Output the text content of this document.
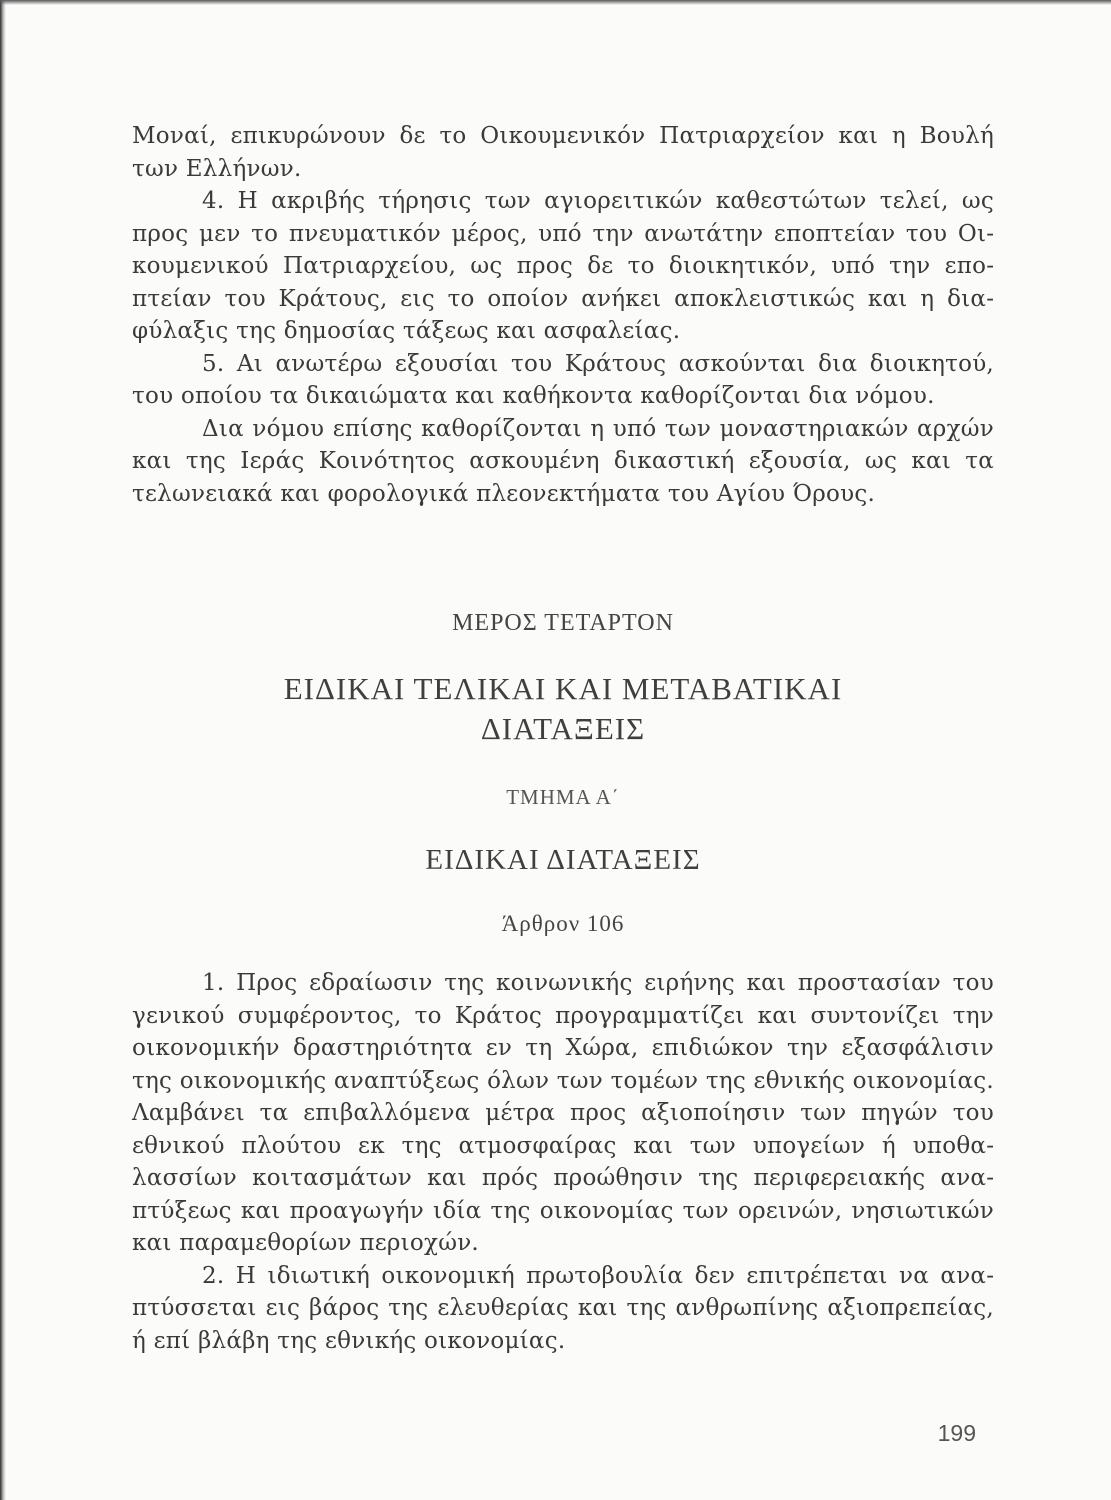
Μοναί, επικυρώνουν δε το Οικουμενικόν Πατριαρχείον και η Βουλή των Ελλήνων.

4. Η ακριβής τήρησις των αγιορειτικών καθεστώτων τελεί, ως προς μεν το πνευματικόν μέρος, υπό την ανωτάτην εποπτείαν του Οικουμενικού Πατριαρχείου, ως προς δε το διοικητικόν, υπό την εποπτείαν του Κράτους, εις το οποίον ανήκει αποκλειστικώς και η διαφύλαξις της δημοσίας τάξεως και ασφαλείας.

5. Αι ανωτέρω εξουσίαι του Κράτους ασκούνται δια διοικητού, του οποίου τα δικαιώματα και καθήκοντα καθορίζονται δια νόμου.

Δια νόμου επίσης καθορίζονται η υπό των μοναστηριακών αρχών και της Ιεράς Κοινότητος ασκουμένη δικαστική εξουσία, ως και τα τελωνειακά και φορολογικά πλεονεκτήματα του Αγίου Όρους.

ΜΕΡΟΣ ΤΕΤΑΡΤΟΝ
ΕΙΔΙΚΑΙ ΤΕΛΙΚΑΙ ΚΑΙ ΜΕΤΑΒΑΤΙΚΑΙ
ΔΙΑΤΑΞΕΙΣ
ΤΜΗΜΑ Α΄
ΕΙΔΙΚΑΙ ΔΙΑΤΑΞΕΙΣ
Άρθρον 106

1. Προς εδραίωσιν της κοινωνικής ειρήνης και προστασίαν του γενικού συμφέροντος, το Κράτος προγραμματίζει και συντονίζει την οικονομικήν δραστηριότητα εν τη Χώρα, επιδιώκον την εξασφάλισιν της οικονομικής αναπτύξεως όλων των τομέων της εθνικής οικονομίας. Λαμβάνει τα επιβαλλόμενα μέτρα προς αξιοποίησιν των πηγών του εθνικού πλούτου εκ της ατμοσφαίρας και των υπογείων ή υποθαλασσίων κοιτασμάτων και πρός προώθησιν της περιφερειακής αναπτύξεως και προαγωγήν ιδία της οικονομίας των ορεινών, νησιωτικών και παραμεθορίων περιοχών.

2. Η ιδιωτική οικονομική πρωτοβουλία δεν επιτρέπεται να αναπτύσσεται εις βάρος της ελευθερίας και της ανθρωπίνης αξιοπρεπείας, ή επί βλάβη της εθνικής οικονομίας.

199
